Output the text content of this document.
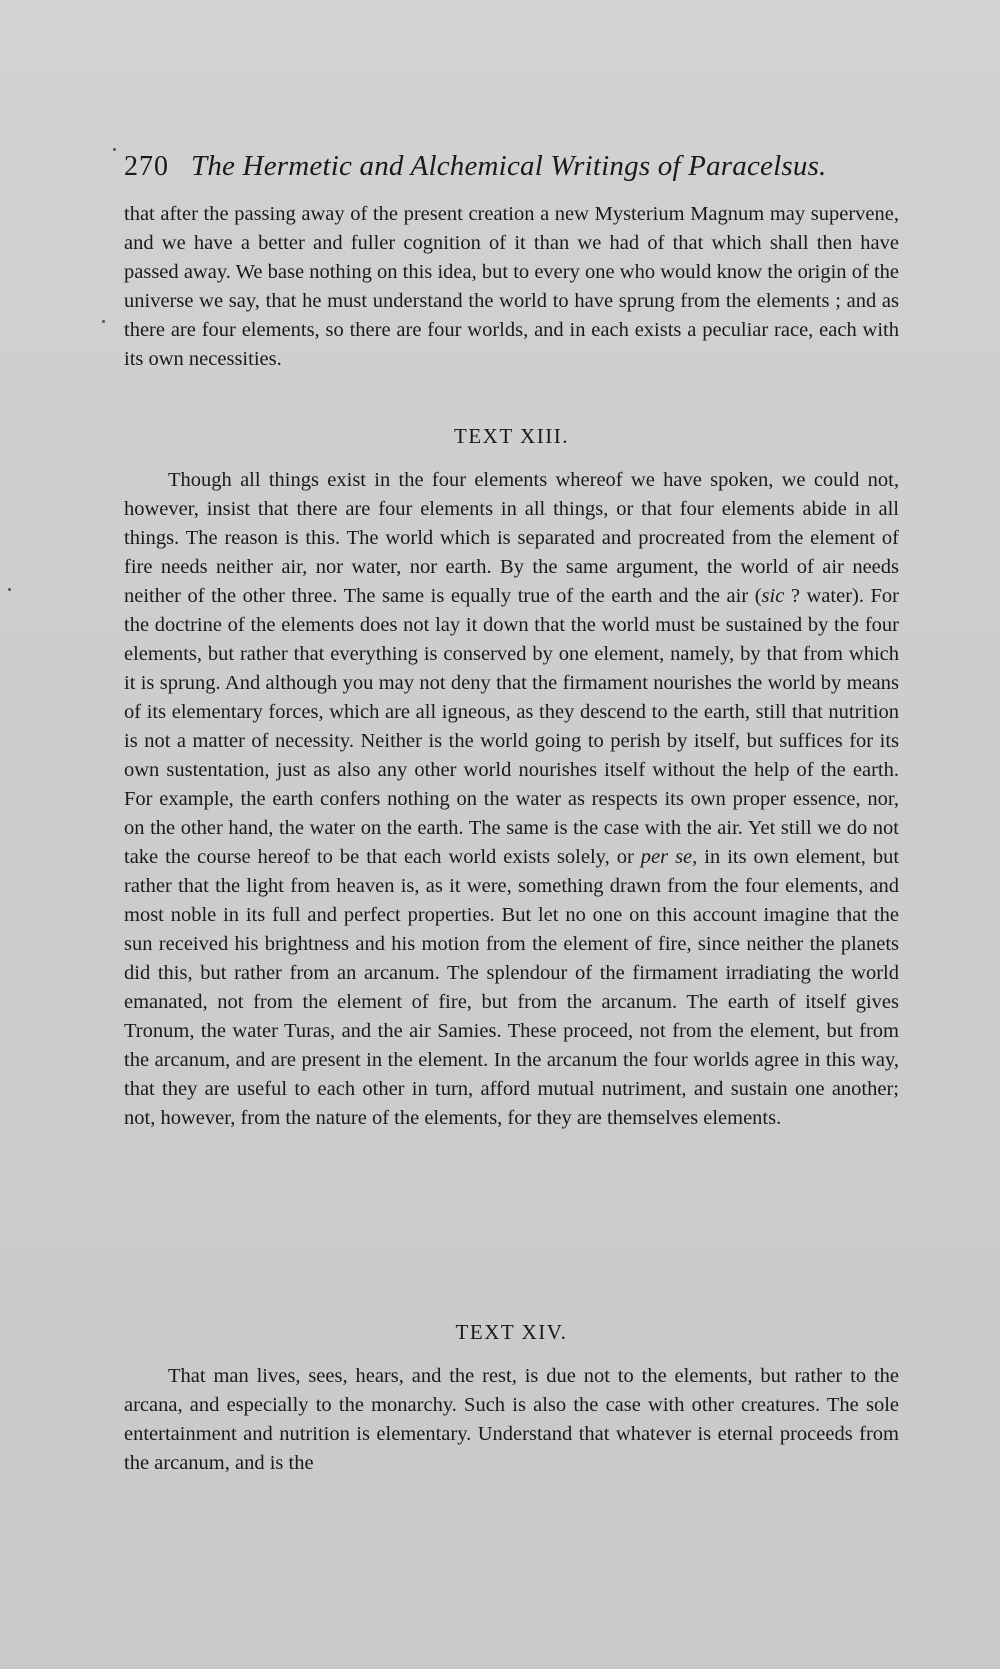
270 The Hermetic and Alchemical Writings of Paracelsus.

that after the passing away of the present creation a new Mysterium Magnum may supervene, and we have a better and fuller cognition of it than we had of that which shall then have passed away. We base nothing on this idea, but to every one who would know the origin of the universe we say, that he must understand the world to have sprung from the elements ; and as there are four elements, so there are four worlds, and in each exists a peculiar race, each with its own necessities.

TEXT XIII.

Though all things exist in the four elements whereof we have spoken, we could not, however, insist that there are four elements in all things, or that four elements abide in all things. The reason is this. The world which is separated and procreated from the element of fire needs neither air, nor water, nor earth. By the same argument, the world of air needs neither of the other three. The same is equally true of the earth and the air (sic ? water). For the doctrine of the elements does not lay it down that the world must be sustained by the four elements, but rather that everything is conserved by one element, namely, by that from which it is sprung. And although you may not deny that the firmament nourishes the world by means of its elementary forces, which are all igneous, as they descend to the earth, still that nutrition is not a matter of necessity. Neither is the world going to perish by itself, but suffices for its own sustentation, just as also any other world nourishes itself without the help of the earth. For example, the earth confers nothing on the water as respects its own proper essence, nor, on the other hand, the water on the earth. The same is the case with the air. Yet still we do not take the course hereof to be that each world exists solely, or per se, in its own element, but rather that the light from heaven is, as it were, something drawn from the four elements, and most noble in its full and perfect properties. But let no one on this account imagine that the sun received his brightness and his motion from the element of fire, since neither the planets did this, but rather from an arcanum. The splendour of the firmament irradiating the world emanated, not from the element of fire, but from the arcanum. The earth of itself gives Tronum, the water Turas, and the air Samies. These proceed, not from the element, but from the arcanum, and are present in the element. In the arcanum the four worlds agree in this way, that they are useful to each other in turn, afford mutual nutriment, and sustain one another; not, however, from the nature of the elements, for they are themselves elements.

TEXT XIV.

That man lives, sees, hears, and the rest, is due not to the elements, but rather to the arcana, and especially to the monarchy. Such is also the case with other creatures. The sole entertainment and nutrition is elementary. Understand that whatever is eternal proceeds from the arcanum, and is the
